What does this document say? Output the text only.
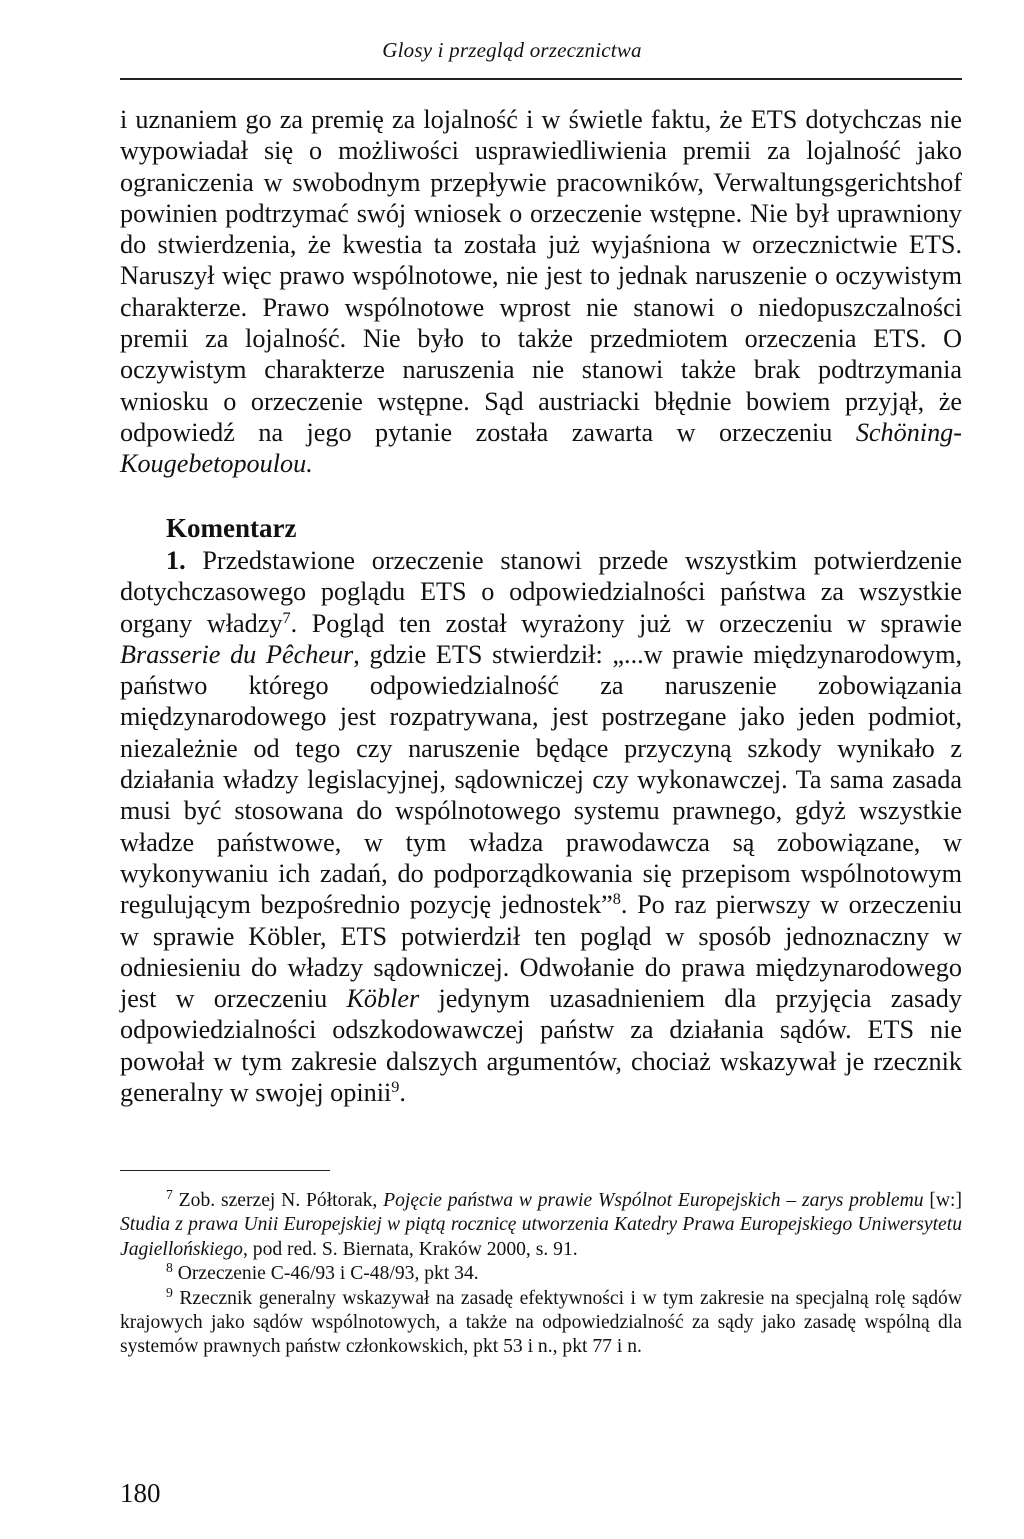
Glosy i przegląd orzecznictwa

i uznaniem go za premię za lojalność i w świetle faktu, że ETS dotychczas nie wypowiadał się o możliwości usprawiedliwienia premii za lojalność jako ograniczenia w swobodnym przepływie pracowników, Verwaltungsgerichtshof powinien podtrzymać swój wniosek o orzeczenie wstępne. Nie był uprawniony do stwierdzenia, że kwestia ta została już wyjaśniona w orzecznictwie ETS. Naruszył więc prawo wspólnotowe, nie jest to jednak naruszenie o oczywistym charakterze. Prawo wspólnotowe wprost nie stanowi o niedopuszczalności premii za lojalność. Nie było to także przedmiotem orzeczenia ETS. O oczywistym charakterze naruszenia nie stanowi także brak podtrzymania wniosku o orzeczenie wstępne. Sąd austriacki błędnie bowiem przyjął, że odpowiedź na jego pytanie została zawarta w orzeczeniu Schöning-Kougebetopoulou.

Komentarz

1. Przedstawione orzeczenie stanowi przede wszystkim potwierdzenie dotychczasowego poglądu ETS o odpowiedzialności państwa za wszystkie organy władzy$^7$. Pogląd ten został wyrażony już w orzeczeniu w sprawie Brasserie du Pêcheur, gdzie ETS stwierdził: „...w prawie międzynarodowym, państwo którego odpowiedzialność za naruszenie zobowiązania międzynarodowego jest rozpatrywana, jest postrzegane jako jeden podmiot, niezależnie od tego czy naruszenie będące przyczyną szkody wynikało z działania władzy legislacyjnej, sądowniczej czy wykonawczej. Ta sama zasada musi być stosowana do wspólnotowego systemu prawnego, gdyż wszystkie władze państwowe, w tym władza prawodawcza są zobowiązane, w wykonywaniu ich zadań, do podporządkowania się przepisom wspólnotowym regulującym bezpośrednio pozycję jednostek”$^8$. Po raz pierwszy w orzeczeniu w sprawie Köbler, ETS potwierdził ten pogląd w sposób jednoznaczny w odniesieniu do władzy sądowniczej. Odwołanie do prawa międzynarodowego jest w orzeczeniu Köbler jedynym uzasadnieniem dla przyjęcia zasady odpowiedzialności odszkodowawczej państw za działania sądów. ETS nie powołał w tym zakresie dalszych argumentów, chociaż wskazywał je rzecznik generalny w swojej opinii$^9$.

$^7$ Zob. szerzej N. Półtorak, Pojęcie państwa w prawie Wspólnot Europejskich – zarys problemu [w:] Studia z prawa Unii Europejskiej w piątą rocznicę utworzenia Katedry Prawa Europejskiego Uniwersytetu Jagiellońskiego, pod red. S. Biernata, Kraków 2000, s. 91.

$^8$ Orzeczenie C-46/93 i C-48/93, pkt 34.

$^9$ Rzecznik generalny wskazywał na zasadę efektywności i w tym zakresie na specjalną rolę sądów krajowych jako sądów wspólnotowych, a także na odpowiedzialność za sądy jako zasadę wspólną dla systemów prawnych państw członkowskich, pkt 53 i n., pkt 77 i n.

180
